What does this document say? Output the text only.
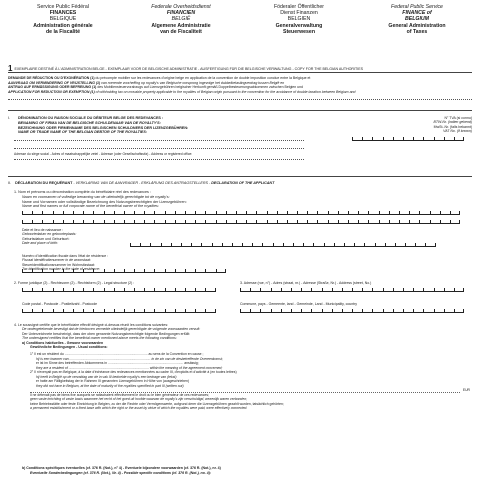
Service Public Fédéral
FINANCES
BELGIQUE
Administration générale
de la Fiscalité
Federale Overheidsdienst
FINANCIEN
BELGIË
Algemene Administratie
van de Fiscaliteit
Föderaler Öffentlicher
Dienst Finanzen
BELGIEN
Generalverwaltung
Steuerwesen
Federal Public Service
FINANCE of
BELGIUM
General Administration
of Taxes
1 EXEMPLAIRE DESTINÉ À L'ADMINISTRATION BELGE - EXEMPLAAR VOOR DE BELGISCHE ADMINISTRATIE - AUSFERTIGUNG FÜR DIE BELGISCHE VERWALTUNG - COPY FOR THE BELGIAN AUTHORITIES
DEMANDE DE RÉDUCTION OU D'EXONÉRATION (1) du précompte mobilier sur les redevances d'origine belge en application de la convention de double imposition conclue entre la Belgique et
AANVRAAG OM VERMINDERING OF VRIJSTELLING (1) van roerende voorheffing op royalty's van Belgische oorsprong ingevolge het dubbelbelastingverdrag tussen België en
ANTRAG AUF ERMÄSSIGUNG ODER BEFREIUNG (1) des Mobiliensteuervorabzugs auf Lizenzgebühren belgischer Herkunft gemäß Doppelbesteuerungsabkommen zwischen Belgien und
APPLICATION FOR REDUCTION OR EXEMPTION (1) of withholding tax on movable property applicable to the royalties of Belgian origin pursuant to the convention for the avoidance of double taxation between Belgium and
I.	DÉNOMINATION OU RAISON SOCIALE DU DÉBITEUR BELGE DES REDEVANCES :
BENAMING OF FIRMA VAN DE BELGISCHE SCHULDENAAR VAN DE ROYALTY'S:
BEZEICHNUNG ODER FIRMENNAME DES BELGISCHEN SCHULDNERS DER LIZENZGEBÜHREN:
NAME OR TRADE NAME OF THE BELGIAN DEBTOR OF THE ROYALTIES:
N° TVA (si connu)
BTW-Nr. (indien gekend)
MwSt.-Nr. (falls bekannt)
VAT No. (if known)
Adresse du siège social - Adres of maatschappelijke zetel - Adresse (oder Gesellschaftssitz) - Address or registered office:
II. DÉCLARATION DU REQUÉRANT - VERKLARING VAN DE AANVRAGER - ERKLÄRUNG DES ANTRAGSTELLERS - DECLARATION OF THE APPLICANT
1. Nom et prénoms ou dénomination complète du bénéficiaire réel des redevances :
Naam en voornamen of volledige benaming van de uiteindelijk gerechtigde tot de royalty's:
Name und Vornamen oder vollständige Bezeichnung des Nutzungsberechtigten der Lizenzgebühren:
Name and first names or full corporate name of the beneficial owner of the royalties:
Date et lieu de naissance :
Geboortedatum en geboorteplaats:
Geburtsdatum und Geburtsort:
Date and place of birth:
Numéro d'identification fiscale dans l'état de résidence :
Fiscaal identificatienummer in de woonstaat:
Steueridentifikationsnummer im Wohnsitzstaat:
Tax identification number in the state of residence:
2. Forme juridique (2) - Rechtsvorm (2) - Rechtsform (2) - Legal structure (2) :	3. Adresse (rue, n°) - Adres (straat, nr.) - Adresse (Straße, Nr.) - Address (street, No.)
Code postal - Postcode - Postleitzahl - Postcode	Commune, pays - Gemeente, land - Gemeinde, Land - Municipality, country
4. Le soussigné certifie que le bénéficiaire effectif désigné ci-dessus réunit les conditions suivantes:
De ondergetekende bevestigt dat de hierboven vermelde uiteindelijk gerechtigde de volgende voorwaarden vervult:
Der Unterzeichnete bescheinigt, dass der oben genannte Nutzungsberechtigte folgende Bedingungen erfüllt:
The undersigned certifies that the beneficial owner mentioned above meets the following conditions:
a) Conditions habituelles - Gewone voorwaarden
Gewöhnliche Bedingungen - Usual conditions:
1° Il est un résident du ........................................................................................ au sens de la Convention en cause ;
hij is een inwoner van ...................................................................................... in de zin van de desbetreffende Overeenkomst;
er ist im Sinne des betreffenden Abkommens in ................................................................................ ansässig;
they are a resident of ..................................................................................... within the meaning of the agreement concerned;
2° Il n'exerçait pas en Belgique, à la date d'échéance des redevances mentionnées au cadre III, d'exploits et d'activité à (en toutes lettres)
hij heeft in België op de vervaldag van de in vak III bedoelde royalty's een bedrage van (tekst)
er hatte am Fälligkeitstag der in Rahmen III genannten Lizenzgebühren in Höhe von (ausgeschrieben)
they did not have in Belgium, at the date of maturity of the royalties specified in part III (written out)
EUR
Il ne détenait pas de biens fixe auxquels se rattachaient effectivement le droit ou le bien générateur de ces redevances;
geen vaste inrichting of vaste basis waarmee het recht of het goed uit hoofde waarvan de royalty's zijn verschuldigd, wezenlijk waren verbonden;
keine Betriebsstätte oder feste Einrichtung in Belgien, zu der die Rechte oder Vermögenswerte, aufgrund derer die Lizenzgebühren gezahlt wurden, tatsächlich gehörten;
a permanent establishment or a fixed base with which the right or the asset by virtue of which the royalties were paid, were effectively connected.
b) Conditions spécifiques éventuelles (cf. 376 R. (Not.), n° 4) - Eventuele bijzondere voorwaarden (cf. 376 R. (Not.), nr. 4)
Eventuelle Sonderbedingungen (cf. 376 R. (Not.), Nr. 4) - Possible specific conditions (cf. 376 R. (Not.), no. 4):
